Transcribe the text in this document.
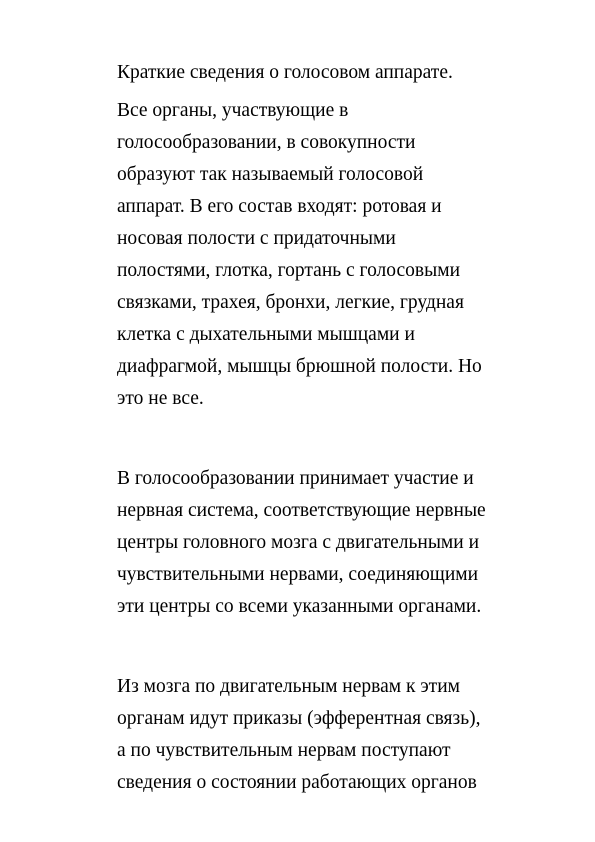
Краткие сведения о голосовом аппарате.

Все органы, участвующие в
голосообразовании, в совокупности
образуют так называемый голосовой
аппарат. В его состав входят: ротовая и
носовая полости с придаточными
полостями, глотка, гортань с голосовыми
связками, трахея, бронхи, легкие, грудная
клетка с дыхательными мышцами и
диафрагмой, мышцы брюшной полости. Но
это не все.
В голосообразовании принимает участие и
нервная система, соответствующие нервные
центры головного мозга с двигательными и
чувствительными нервами, соединяющими
эти центры со всеми указанными органами.
Из мозга по двигательным нервам к этим
органам идут приказы (эфферентная связь),
а по чувствительным нервам поступают
сведения о состоянии работающих органов
